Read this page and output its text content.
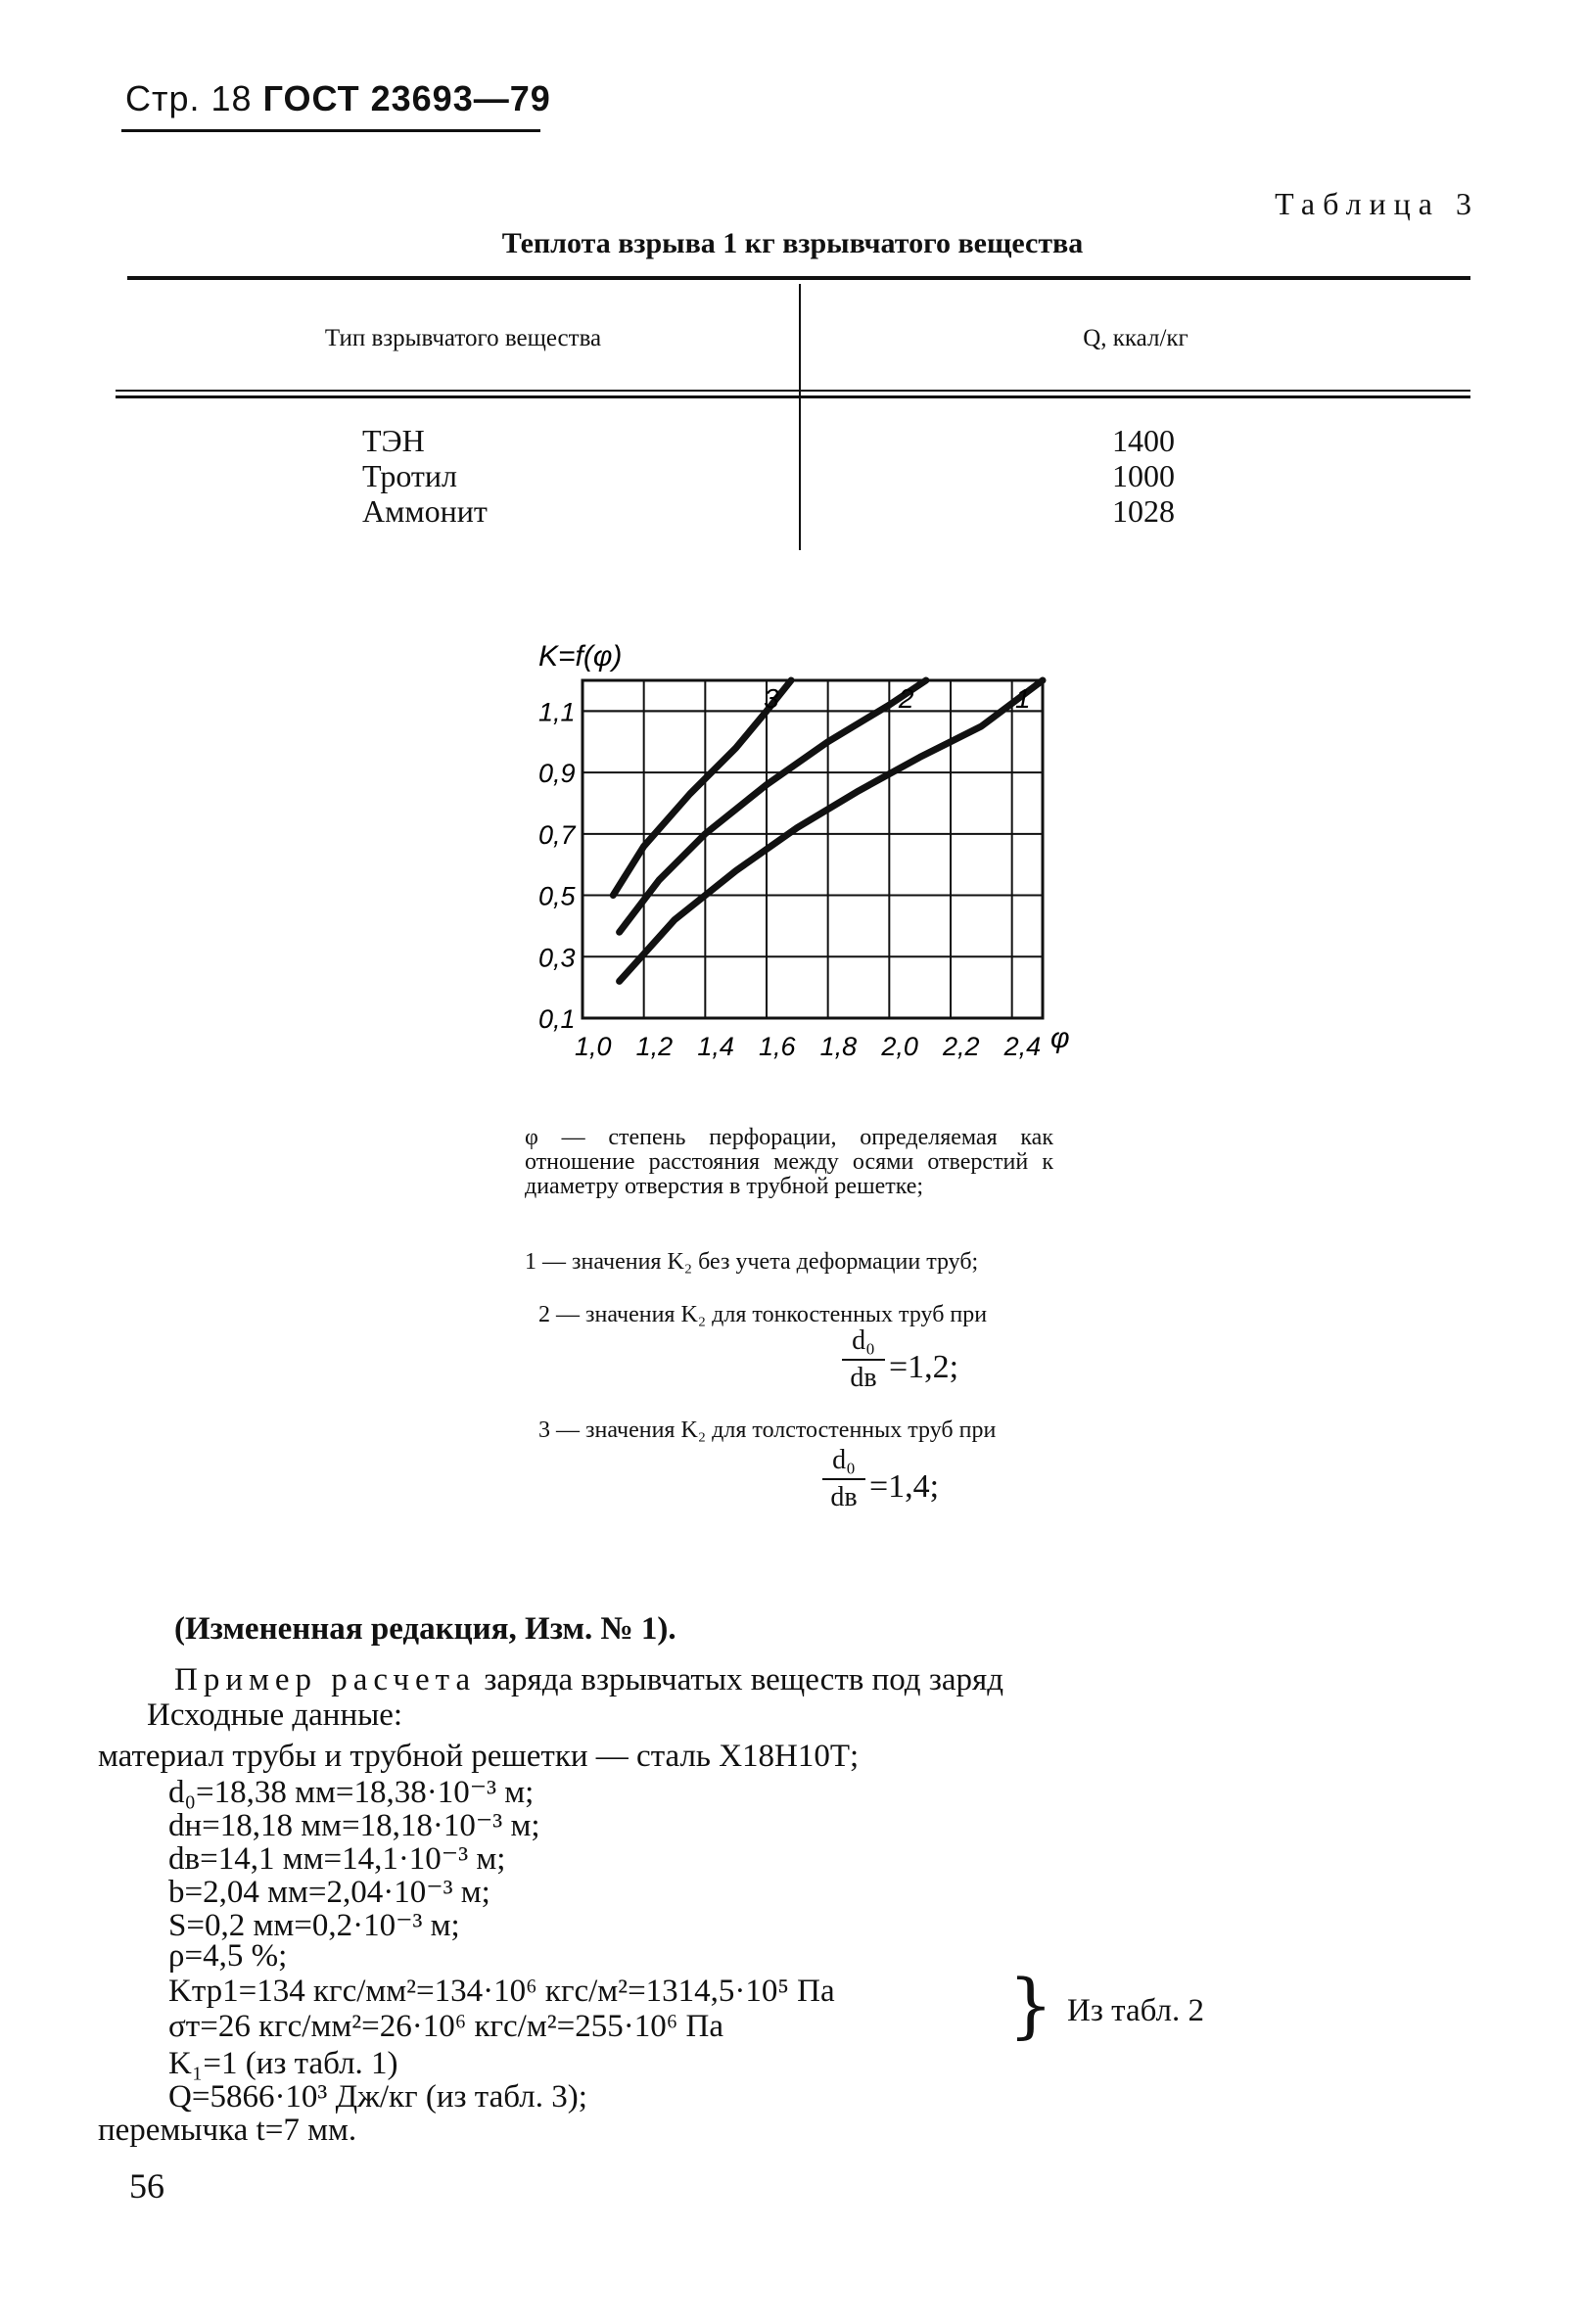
Стр. 18 ГОСТ 23693—79
Таблица 3
Теплота взрыва 1 кг взрывчатого вещества
Тип взрывчатого вещества	Q, ккал/кг
ТЭН
Тротил
Аммонит
1400
1000
1028
1
2
3
1,0 1,2 1,4 1,6 1,8 2,0 2,2 2,4 φ
0,1
0,3
0,5
0,7
0,9
1,1
K=f(φ)
φ — степень перфорации, определяемая как отношение расстояния между осями отверстий к диаметру отверстия в трубной решетке;
1 — значения K₂ без учета деформации труб;
2 — значения K₂ для тонкостенных труб при
d₀
dв =1,2;
3 — значения K₂ для толстостенных труб при
d₀
dв =1,4;
(Измененная редакция, Изм. № 1).
Пример расчета заряда взрывчатых веществ под заряд
Исходные данные:
материал трубы и трубной решетки — сталь Х18Н10Т;
d₀=18,38 мм=18,38·10⁻³ м;
dн=18,18 мм=18,18·10⁻³ м;
dв=14,1 мм=14,1·10⁻³ м;
b=2,04 мм=2,04·10⁻³ м;
S=0,2 мм=0,2·10⁻³ м;
ρ=4,5 %;
Kтр1=134 кгс/мм²=134·10⁶ кгс/м²=1314,5·10⁵ Па
σт=26 кгс/мм²=26·10⁶ кгс/м²=255·10⁶ Па	} Из табл. 2
K₁=1 (из табл. 1)
Q=5866·10³ Дж/кг (из табл. 3);
перемычка t=7 мм.
56
